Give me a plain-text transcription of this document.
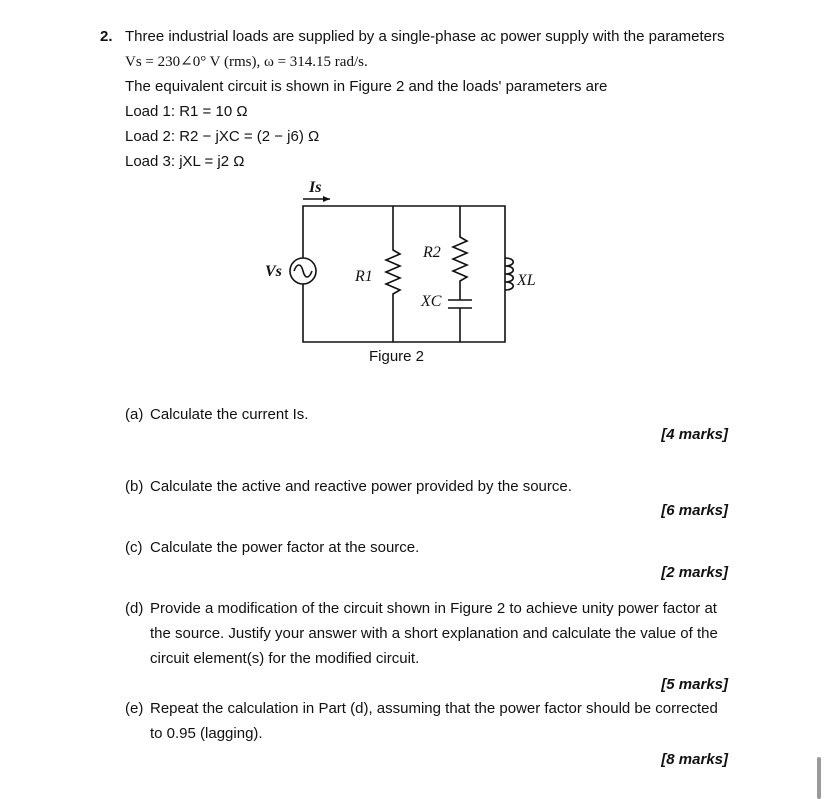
2. Three industrial loads are supplied by a single-phase ac power supply with the parameters
Vs = 230∠0° V (rms), ω = 314.15 rad/s.
The equivalent circuit is shown in Figure 2 and the loads' parameters are
Load 1: R1 = 10 Ω
Load 2: R2 − jXC = (2 − j6) Ω
Load 3: jXL = j2 Ω
Is
Vs	R1
R2
XC
XL
Figure 2
(a) Calculate the current Is.
[4 marks]
(b) Calculate the active and reactive power provided by the source.
[6 marks]
(c) Calculate the power factor at the source.
[2 marks]
(d) Provide a modification of the circuit shown in Figure 2 to achieve unity power factor at
the source. Justify your answer with a short explanation and calculate the value of the
circuit element(s) for the modified circuit.
[5 marks]
(e) Repeat the calculation in Part (d), assuming that the power factor should be corrected
to 0.95 (lagging).
[8 marks]
